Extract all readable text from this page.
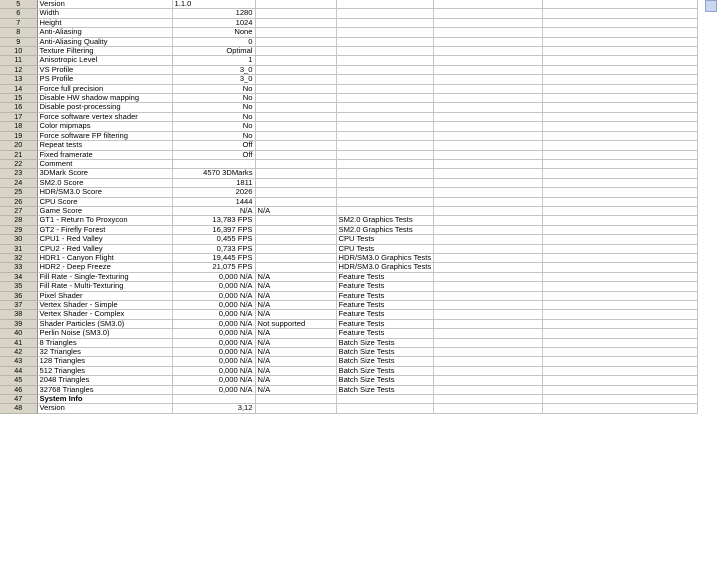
5	Version	1.1.0				
6	Width	1280				
7	Height	1024				
8	Anti-Aliasing	None				
9	Anti-Aliasing Quality	0				
10	Texture Filtering	Optimal				
11	Anisotropic Level	1				
12	VS Profile	3_0				
13	PS Profile	3_0				
14	Force full precision	No				
15	Disable HW shadow mapping	No				
16	Disable post-processing	No				
17	Force software vertex shader	No				
18	Color mipmaps	No				
19	Force software FP filtering	No				
20	Repeat tests	Off				
21	Fixed framerate	Off				
22	Comment					
23	3DMark Score	4570 3DMarks				
24	SM2.0 Score	1811				
25	HDR/SM3.0 Score	2026				
26	CPU Score	1444				
27	Game Score	N/A	N/A			
28	GT1 - Return To Proxycon	13,783 FPS		SM2.0 Graphics Tests		
29	GT2 - Firefly Forest	16,397 FPS		SM2.0 Graphics Tests		
30	CPU1 - Red Valley	0,455 FPS		CPU Tests		
31	CPU2 - Red Valley	0,733 FPS		CPU Tests		
32	HDR1 - Canyon Flight	19,445 FPS		HDR/SM3.0 Graphics Tests		
33	HDR2 - Deep Freeze	21,075 FPS		HDR/SM3.0 Graphics Tests		
34	Fill Rate - Single-Texturing	0,000 N/A	N/A	Feature Tests		
35	Fill Rate - Multi-Texturing	0,000 N/A	N/A	Feature Tests		
36	Pixel Shader	0,000 N/A	N/A	Feature Tests		
37	Vertex Shader - Simple	0,000 N/A	N/A	Feature Tests		
38	Vertex Shader - Complex	0,000 N/A	N/A	Feature Tests		
39	Shader Particles (SM3.0)	0,000 N/A	Not supported	Feature Tests		
40	Perlin Noise (SM3.0)	0,000 N/A	N/A	Feature Tests		
41	8 Triangles	0,000 N/A	N/A	Batch Size Tests		
42	32 Triangles	0,000 N/A	N/A	Batch Size Tests		
43	128 Triangles	0,000 N/A	N/A	Batch Size Tests		
44	512 Triangles	0,000 N/A	N/A	Batch Size Tests		
45	2048 Triangles	0,000 N/A	N/A	Batch Size Tests		
46	32768 Triangles	0,000 N/A	N/A	Batch Size Tests		
47	System Info					
48	Version	3,12				
